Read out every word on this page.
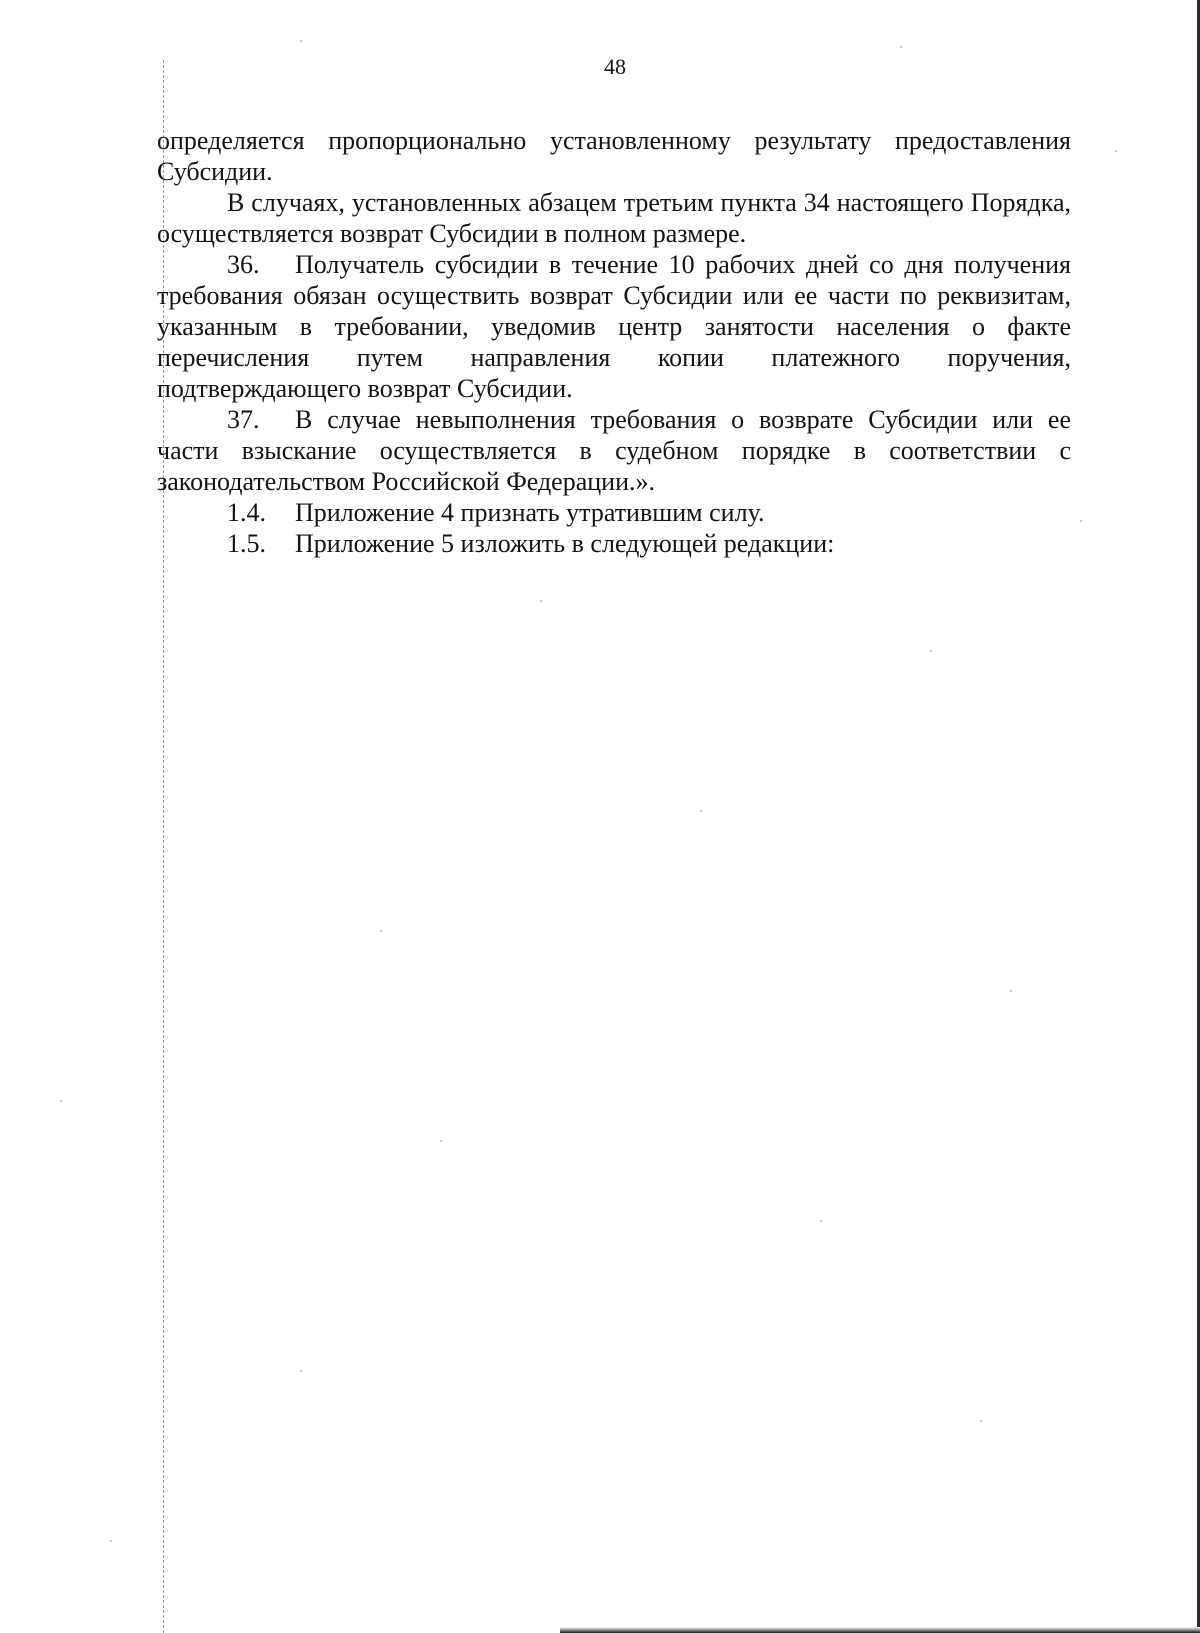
48

определяется пропорционально установленному результату предоставления Субсидии.

В случаях, установленных абзацем третьим пункта 34 настоящего Порядка, осуществляется возврат Субсидии в полном размере.

36. Получатель субсидии в течение 10 рабочих дней со дня получения требования обязан осуществить возврат Субсидии или ее части по реквизитам, указанным в требовании, уведомив центр занятости населения о факте перечисления путем направления копии платежного поручения, подтверждающего возврат Субсидии.

37. В случае невыполнения требования о возврате Субсидии или ее части взыскание осуществляется в судебном порядке в соответствии с законодательством Российской Федерации.».

1.4. Приложение 4 признать утратившим силу.

1.5. Приложение 5 изложить в следующей редакции:
